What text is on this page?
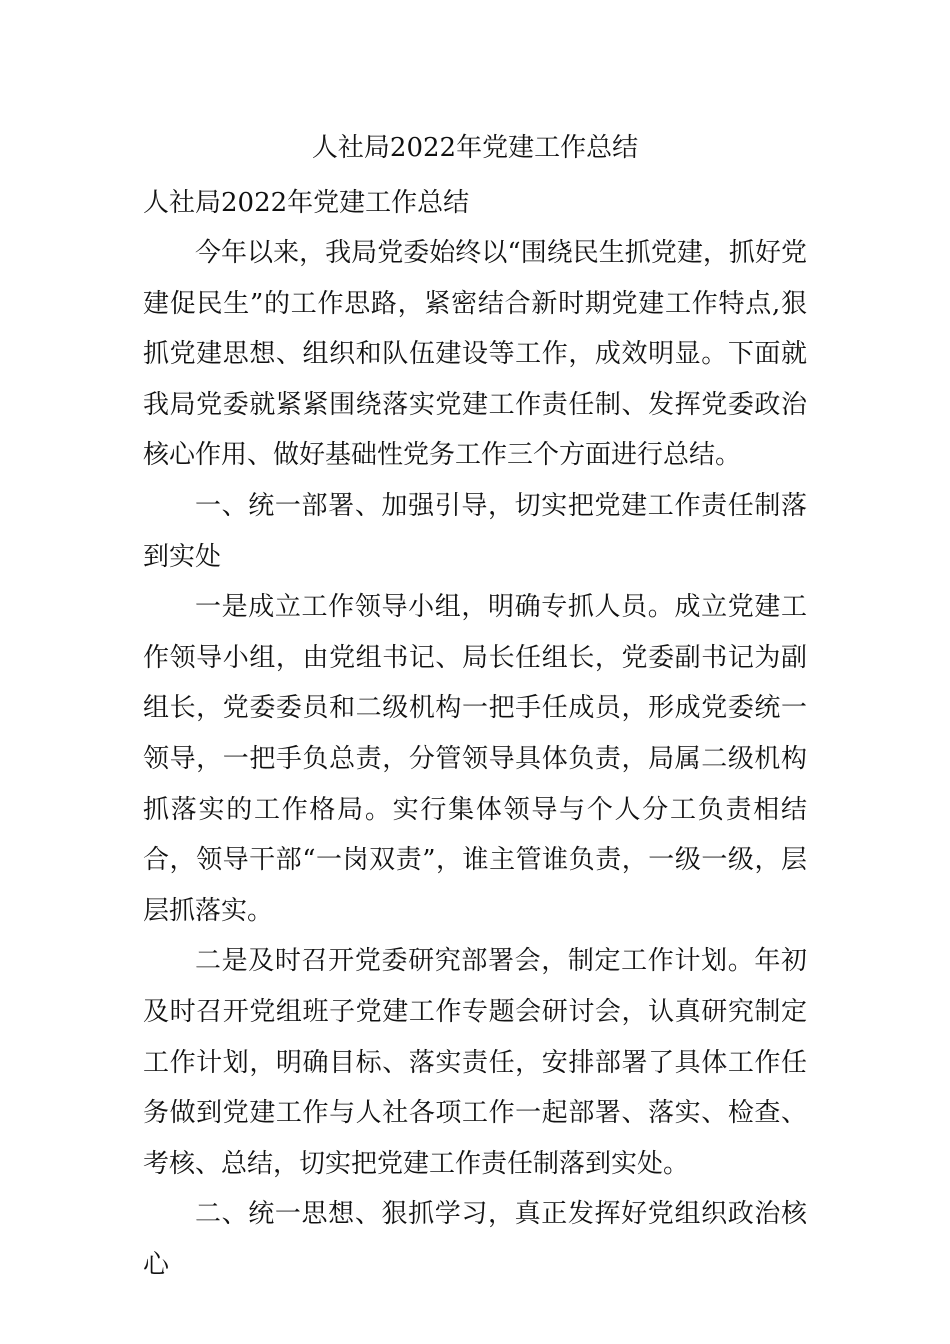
人社局2022年党建工作总结

人社局2022年党建工作总结

今年以来，我局党委始终以“围绕民生抓党建，抓好党建促民生”的工作思路，紧密结合新时期党建工作特点,狠抓党建思想、组织和队伍建设等工作，成效明显。下面就我局党委就紧紧围绕落实党建工作责任制、发挥党委政治核心作用、做好基础性党务工作三个方面进行总结。

一、统一部署、加强引导，切实把党建工作责任制落到实处

一是成立工作领导小组，明确专抓人员。成立党建工作领导小组，由党组书记、局长任组长，党委副书记为副组长，党委委员和二级机构一把手任成员，形成党委统一领导，一把手负总责，分管领导具体负责，局属二级机构抓落实的工作格局。实行集体领导与个人分工负责相结合，领导干部“一岗双责”，谁主管谁负责，一级一级，层层抓落实。

二是及时召开党委研究部署会，制定工作计划。年初及时召开党组班子党建工作专题会研讨会，认真研究制定工作计划，明确目标、落实责任，安排部署了具体工作任务做到党建工作与人社各项工作一起部署、落实、检查、考核、总结，切实把党建工作责任制落到实处。

二、统一思想、狠抓学习，真正发挥好党组织政治核心
